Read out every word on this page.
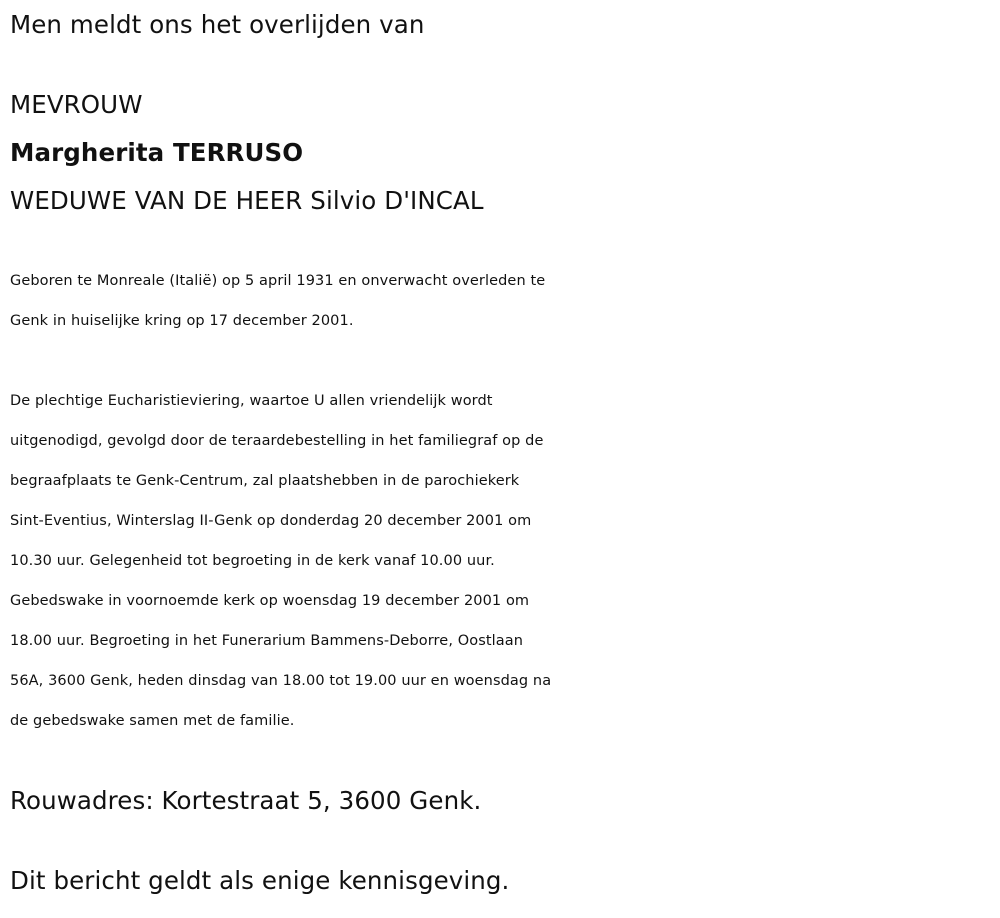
Men meldt ons het overlijden van

MEVROUW

Margherita TERRUSO

WEDUWE VAN DE HEER Silvio D'INCAL

Geboren te Monreale (Italië) op 5 april 1931 en onverwacht overleden te
Genk in huiselijke kring op 17 december 2001.
De plechtige Eucharistieviering, waartoe U allen vriendelijk wordt
uitgenodigd, gevolgd door de teraardebestelling in het familiegraf op de
begraafplaats te Genk-Centrum, zal plaatshebben in de parochiekerk
Sint-Eventius, Winterslag II-Genk op donderdag 20 december 2001 om
10.30 uur. Gelegenheid tot begroeting in de kerk vanaf 10.00 uur.
Gebedswake in voornoemde kerk op woensdag 19 december 2001 om
18.00 uur. Begroeting in het Funerarium Bammens-Deborre, Oostlaan
56A, 3600 Genk, heden dinsdag van 18.00 tot 19.00 uur en woensdag na
de gebedswake samen met de familie.

Rouwadres: Kortestraat 5, 3600 Genk.

Dit bericht geldt als enige kennisgeving.
